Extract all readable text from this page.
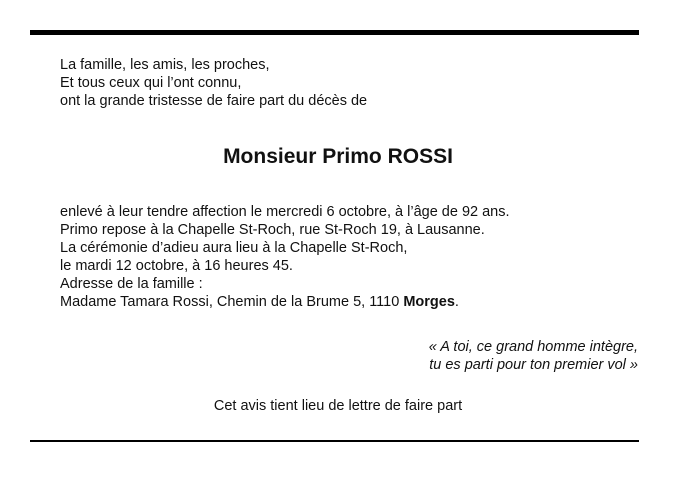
La famille, les amis, les proches,
Et tous ceux qui l’ont connu,
ont la grande tristesse de faire part du décès de
Monsieur Primo ROSSI
enlevé à leur tendre affection le mercredi 6 octobre, à l’âge de 92 ans.
Primo repose à la Chapelle St-Roch, rue St-Roch 19, à Lausanne.
La cérémonie d’adieu aura lieu à la Chapelle St-Roch,
le mardi 12 octobre, à 16 heures 45.
Adresse de la famille :
Madame Tamara Rossi, Chemin de la Brume 5, 1110 Morges.
« A toi, ce grand homme intègre,
tu es parti pour ton premier vol »
Cet avis tient lieu de lettre de faire part
